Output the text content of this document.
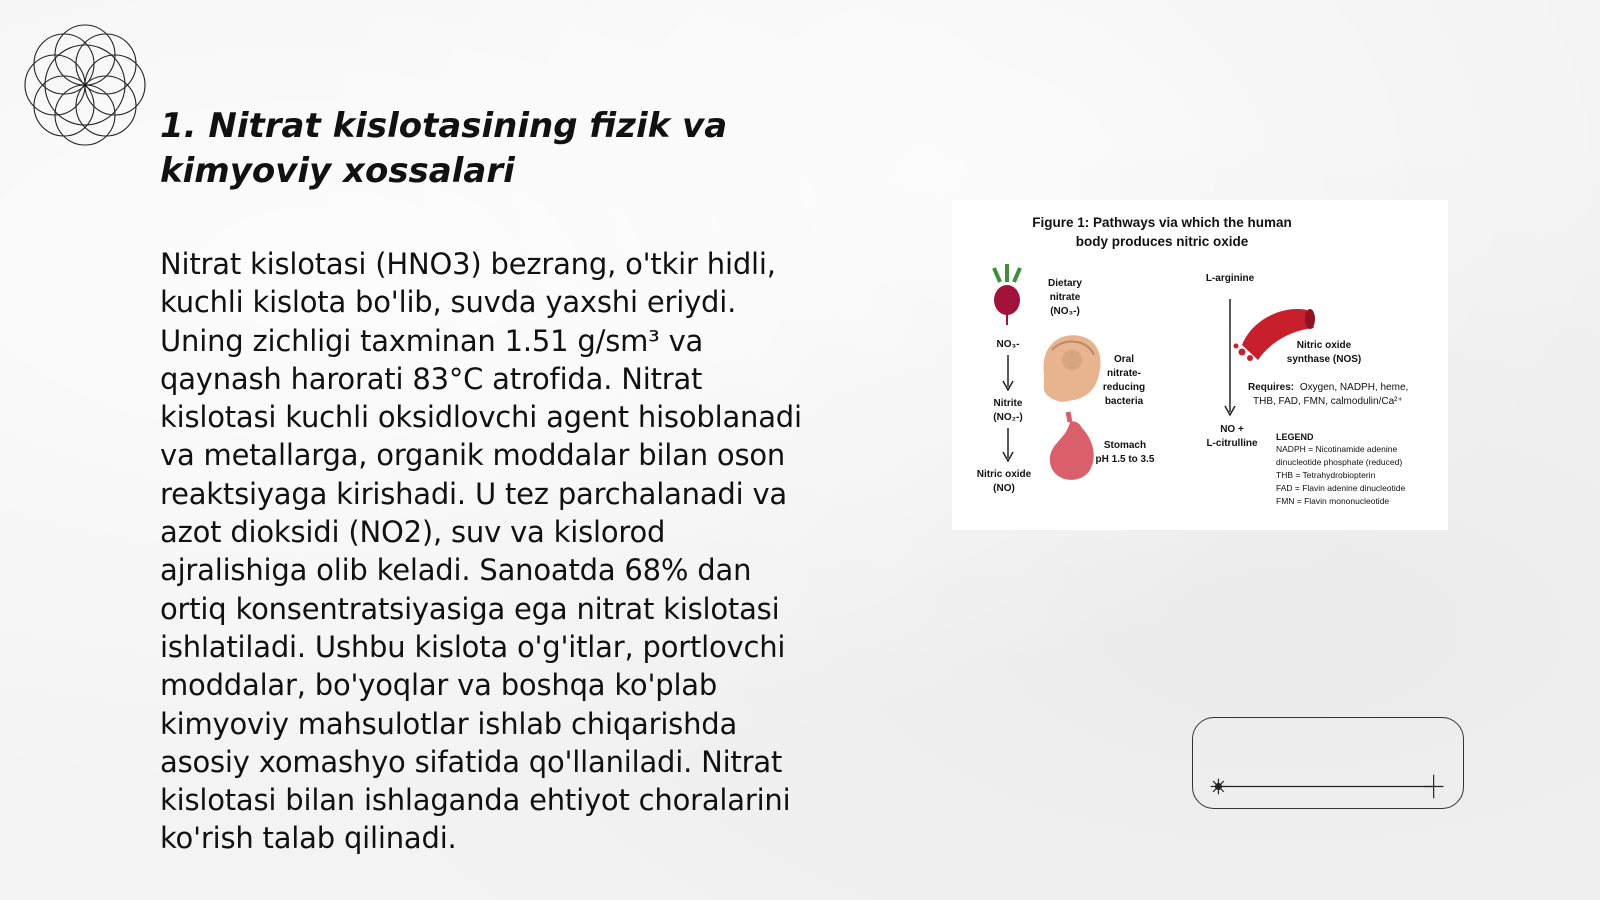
1. Nitrat kislotasining fizik va
kimyoviy xossalari

Nitrat kislotasi (HNO3) bezrang, o'tkir hidli,
kuchli kislota bo'lib, suvda yaxshi eriydi.
Uning zichligi taxminan 1.51 g/sm³ va
qaynash harorati 83°C atrofida. Nitrat
kislotasi kuchli oksidlovchi agent hisoblanadi
va metallarga, organik moddalar bilan oson
reaktsiyaga kirishadi. U tez parchalanadi va
azot dioksidi (NO2), suv va kislorod
ajralishiga olib keladi. Sanoatda 68% dan
ortiq konsentratsiyasiga ega nitrat kislotasi
ishlatiladi. Ushbu kislota o'g'itlar, portlovchi
moddalar, bo'yoqlar va boshqa ko'plab
kimyoviy mahsulotlar ishlab chiqarishda
asosiy xomashyo sifatida qo'llaniladi. Nitrat
kislotasi bilan ishlaganda ehtiyot choralarini
ko'rish talab qilinadi.

Figure 1: Pathways via which the human
body produces nitric oxide
Dietary
nitrate
(NO₃-)
NO₃-
Nitrite
(NO₂-)
Nitric oxide
(NO)
Oral
nitrate-
reducing
bacteria
Stomach
pH 1.5 to 3.5
L-arginine
Nitric oxide
synthase (NOS)
Requires: Oxygen, NADPH, heme,
THB, FAD, FMN, calmodulin/Ca²⁺
NO +
L-citrulline
LEGEND
NADPH = Nicotinamide adenine
dinucleotide phosphate (reduced)
THB = Tetrahydrobiopterin
FAD = Flavin adenine dinucleotide
FMN = Flavin mononucleotide
